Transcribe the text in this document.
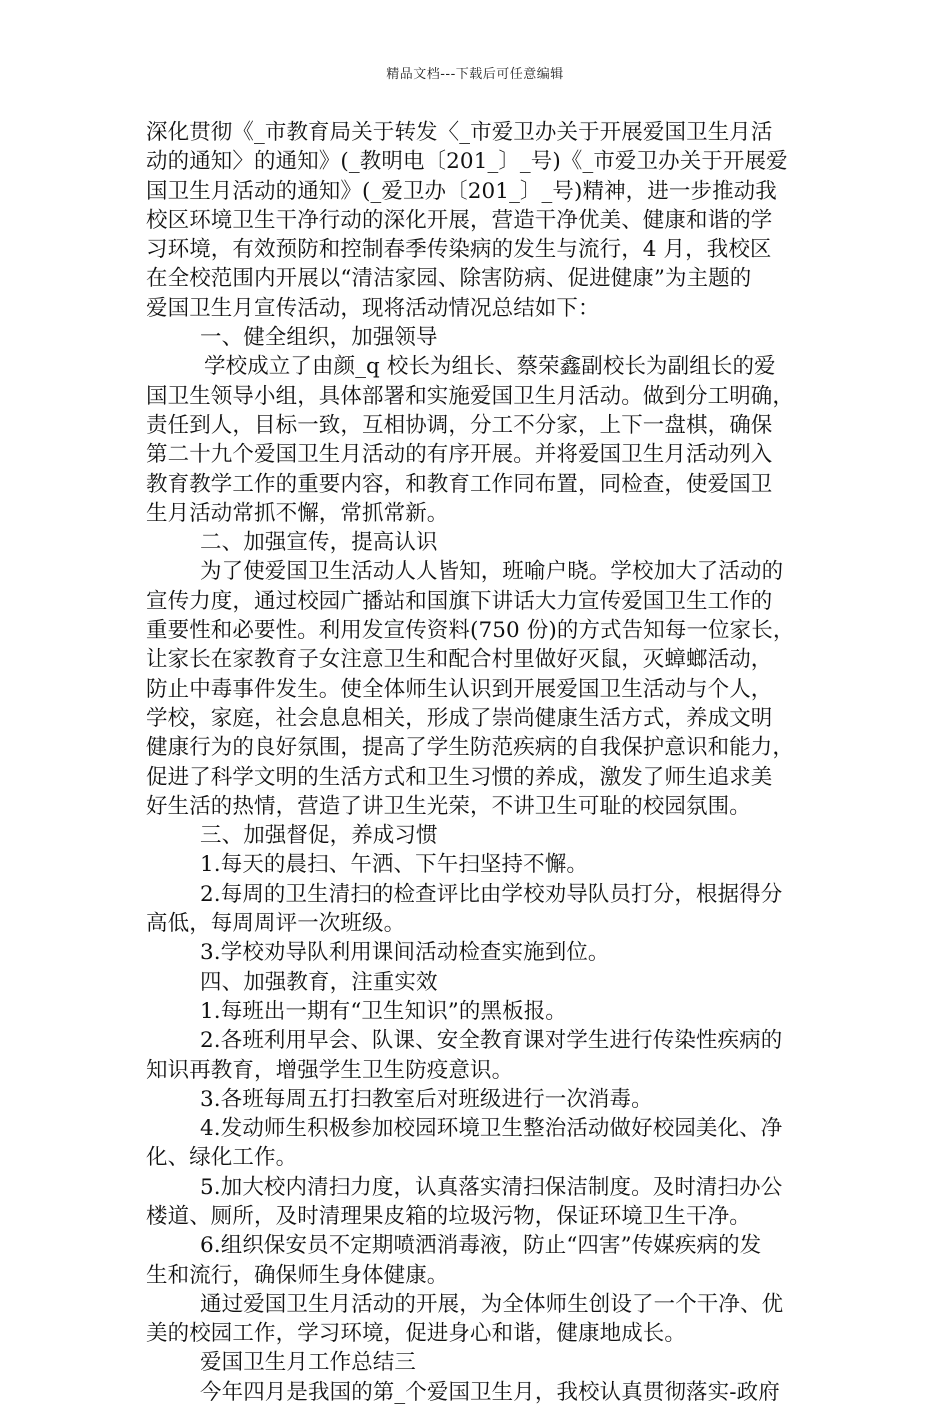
精品文档---下载后可任意编辑
深化贯彻《_市教育局关于转发〈_市爱卫办关于开展爱国卫生月活
动的通知〉的通知》(_教明电〔201_〕_号)《_市爱卫办关于开展爱
国卫生月活动的通知》(_爱卫办〔201_〕_号)精神，进一步推动我
校区环境卫生干净行动的深化开展，营造干净优美、健康和谐的学
习环境，有效预防和控制春季传染病的发生与流行，4 月，我校区
在全校范围内开展以“清洁家园、除害防病、促进健康”为主题的
爱国卫生月宣传活动，现将活动情况总结如下：
一、健全组织，加强领导
学校成立了由颜_q 校长为组长、蔡荣鑫副校长为副组长的爱
国卫生领导小组，具体部署和实施爱国卫生月活动。做到分工明确，
责任到人，目标一致，互相协调，分工不分家，上下一盘棋，确保
第二十九个爱国卫生月活动的有序开展。并将爱国卫生月活动列入
教育教学工作的重要内容，和教育工作同布置，同检查，使爱国卫
生月活动常抓不懈，常抓常新。
二、加强宣传，提高认识
为了使爱国卫生活动人人皆知，班喻户晓。学校加大了活动的
宣传力度，通过校园广播站和国旗下讲话大力宣传爱国卫生工作的
重要性和必要性。利用发宣传资料(750 份)的方式告知每一位家长，
让家长在家教育子女注意卫生和配合村里做好灭鼠，灭蟑螂活动，
防止中毒事件发生。使全体师生认识到开展爱国卫生活动与个人，
学校，家庭，社会息息相关，形成了崇尚健康生活方式，养成文明
健康行为的良好氛围，提高了学生防范疾病的自我保护意识和能力，
促进了科学文明的生活方式和卫生习惯的养成，激发了师生追求美
好生活的热情，营造了讲卫生光荣，不讲卫生可耻的校园氛围。
三、加强督促，养成习惯
1.每天的晨扫、午洒、下午扫坚持不懈。
2.每周的卫生清扫的检查评比由学校劝导队员打分，根据得分
高低，每周周评一次班级。
3.学校劝导队利用课间活动检查实施到位。
四、加强教育，注重实效
1.每班出一期有“卫生知识”的黑板报。
2.各班利用早会、队课、安全教育课对学生进行传染性疾病的
知识再教育，增强学生卫生防疫意识。
3.各班每周五打扫教室后对班级进行一次消毒。
4.发动师生积极参加校园环境卫生整治活动做好校园美化、净
化、绿化工作。
5.加大校内清扫力度，认真落实清扫保洁制度。及时清扫办公
楼道、厕所，及时清理果皮箱的垃圾污物，保证环境卫生干净。
6.组织保安员不定期喷洒消毒液，防止“四害”传媒疾病的发
生和流行，确保师生身体健康。
通过爱国卫生月活动的开展，为全体师生创设了一个干净、优
美的校园工作，学习环境，促进身心和谐，健康地成长。
爱国卫生月工作总结三
今年四月是我国的第_个爱国卫生月，我校认真贯彻落实-政府
